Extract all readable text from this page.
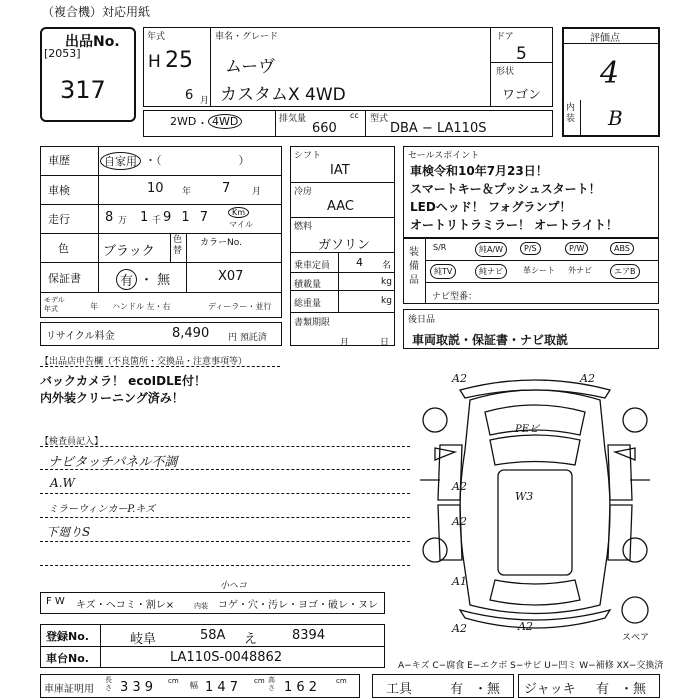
（複合機）対応用紙
出品No.
[2053]
317
年式
H 25
6 月
車名・グレード
ムーヴ
カスタムX 4WD
ドア
5
形状
ワゴン
評価点
4
内装 B
2WD ・ 4WD	排気量	cc
660
型式
DBA − LA110S
車歴	自家用 ・（　　　　　　　）
車検	10 年 7 月
走行	8 万 1 千 9 1 7	Km
マイル
色	ブラック
色替
カラーNo.
保証書	有 ・ 無	X07
モデル
年式	年 ハンドル 左・右	ディーラー・並行
リサイクル料金	8,490 円 預託済
シフト
IAT
冷房
AAC
燃料
ガソリン
乗車定員 4 名
積載量	kg
総重量	kg
書類期限
月	日
セールスポイント
車検令和10年7月23日！
スマートキー＆プッシュスタート！
LEDヘッド！ フォグランプ！
オートリトラミラー！ オートライト！
装備品
S/R	純A/W	P/S	P/W	ABS
純TV	純ナビ	革シート	外ナビ	エアB
ナビ型番：
後日品
車両取説・保証書・ナビ取説
【出品店申告欄（不良箇所・交換品・注意事項等）
バックカメラ！ ecoIDLE付！
内外装クリーニング済み！
【検査員記入】
ナビタッチパネル不調
A.W
ミラーウィンカーP.キズ
下廻りS
F W キズ・ヘコミ・割レ×	内装 コゲ・穴・汚レ・ヨゴ・破レ・ヌレ
小ヘコ
登録No.	岐阜	58A え	8394
車台No.	LA110S-0048862
A−キズ C−腐食 E−エクボ S−サビ U−凹ミ W−補修 XX−交換済
車庫証明用
長さ 3 3 9 cm 幅 1 4 7 cm 高さ 1 6 2	cm
工具	有 ・無 ジャッキ 有 ・無
A2	A2
PEビ
A2
W3
A2
A1
A2	A2
スペア
